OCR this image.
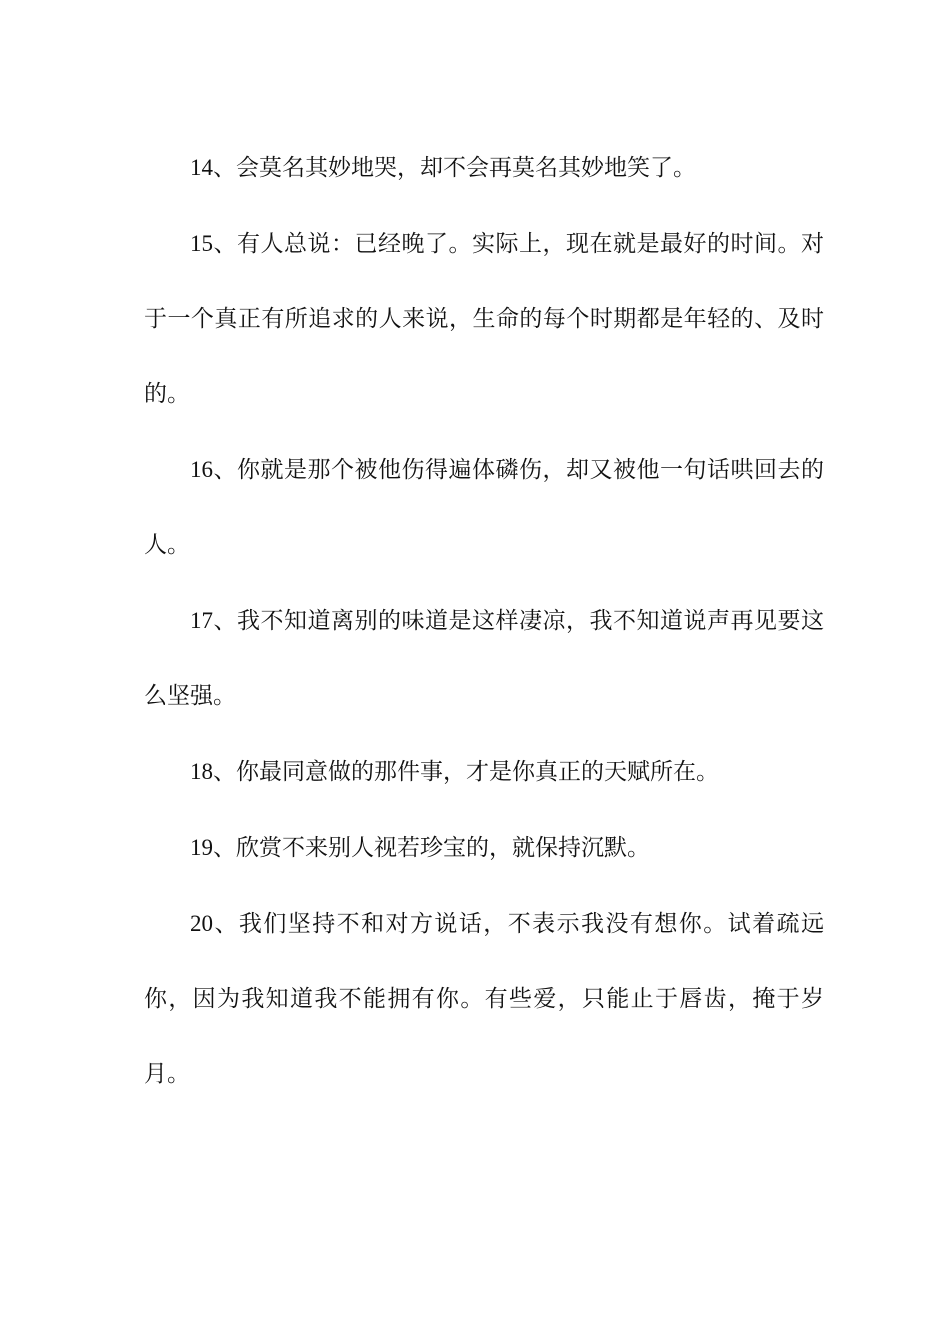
14、会莫名其妙地哭，却不会再莫名其妙地笑了。

15、有人总说：已经晚了。实际上，现在就是最好的时间。对于一个真正有所追求的人来说，生命的每个时期都是年轻的、及时的。

16、你就是那个被他伤得遍体磷伤，却又被他一句话哄回去的人。

17、我不知道离别的味道是这样凄凉，我不知道说声再见要这么坚强。

18、你最同意做的那件事，才是你真正的天赋所在。

19、欣赏不来别人视若珍宝的，就保持沉默。

20、我们坚持不和对方说话，不表示我没有想你。试着疏远你，因为我知道我不能拥有你。有些爱，只能止于唇齿，掩于岁月。
